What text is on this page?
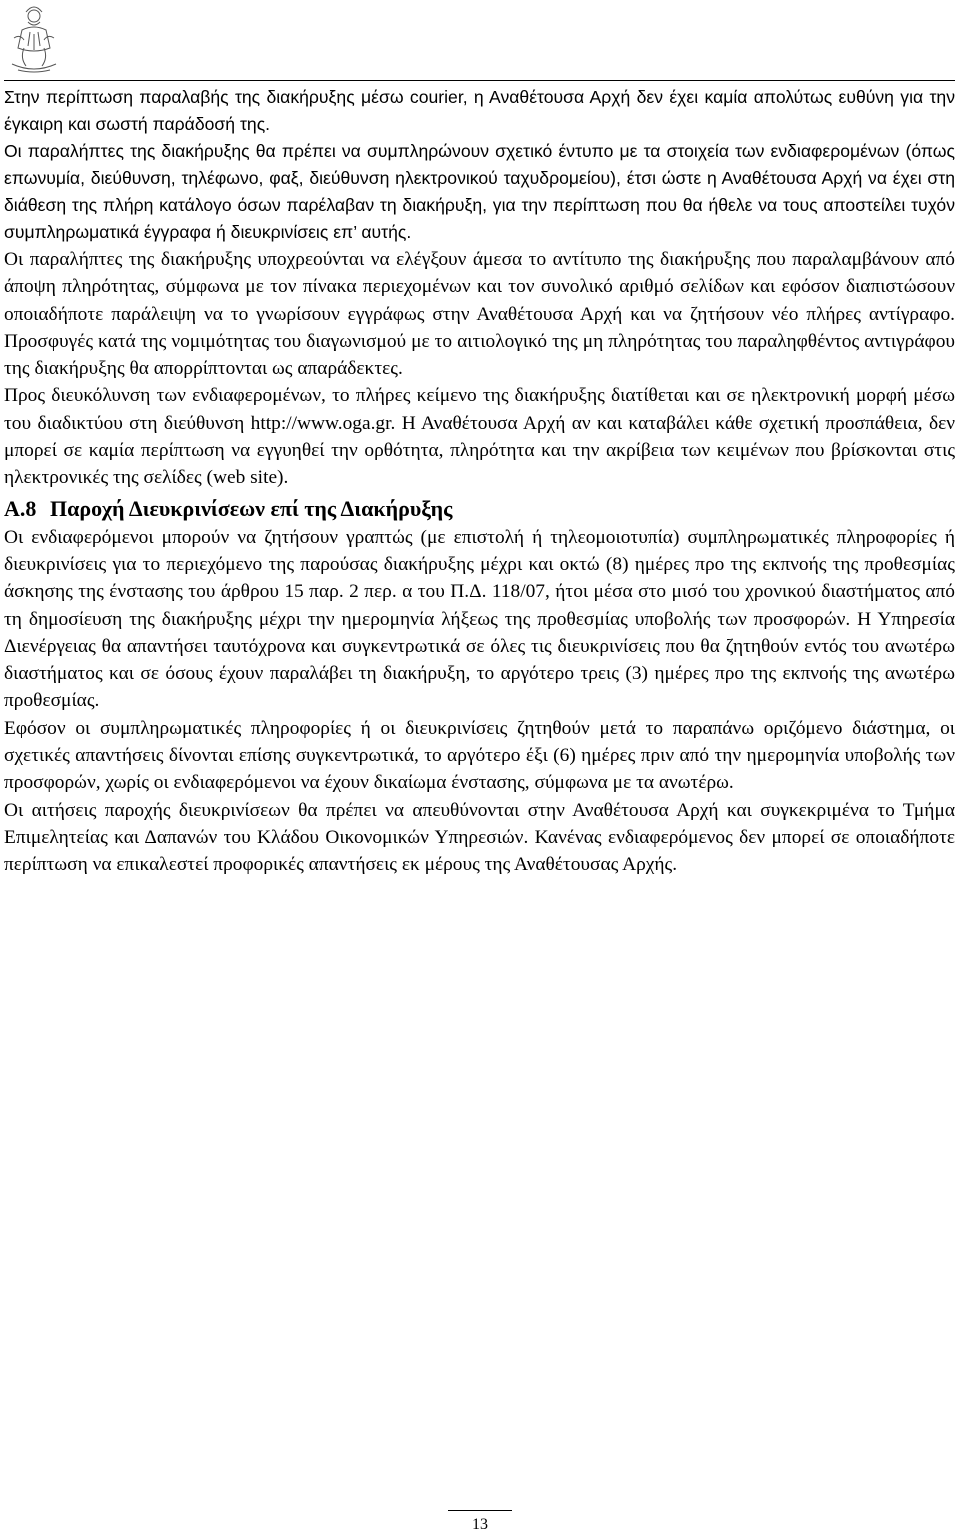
Στην περίπτωση παραλαβής της διακήρυξης μέσω courier, η Αναθέτουσα Αρχή δεν έχει καμία απολύτως ευθύνη για την έγκαιρη και σωστή παράδοσή της.

Οι παραλήπτες της διακήρυξης θα πρέπει να συμπληρώνουν σχετικό έντυπο με τα στοιχεία των ενδιαφερομένων (όπως επωνυμία, διεύθυνση, τηλέφωνο, φαξ, διεύθυνση ηλεκτρονικού ταχυδρομείου), έτσι ώστε η Αναθέτουσα Αρχή να έχει στη διάθεση της πλήρη κατάλογο όσων παρέλαβαν τη διακήρυξη, για την περίπτωση που θα ήθελε να τους αποστείλει τυχόν συμπληρωματικά έγγραφα ή διευκρινίσεις επ’ αυτής.

Οι παραλήπτες της διακήρυξης υποχρεούνται να ελέγξουν άμεσα το αντίτυπο της διακήρυξης που παραλαμβάνουν από άποψη πληρότητας, σύμφωνα με τον πίνακα περιεχομένων και τον συνολικό αριθμό σελίδων και εφόσον διαπιστώσουν οποιαδήποτε παράλειψη να το γνωρίσουν εγγράφως στην Αναθέτουσα Αρχή και να ζητήσουν νέο πλήρες αντίγραφο. Προσφυγές κατά της νομιμότητας του διαγωνισμού με το αιτιολογικό της μη πληρότητας του παραληφθέντος αντιγράφου της διακήρυξης θα απορρίπτονται ως απαράδεκτες.

Προς διευκόλυνση των ενδιαφερομένων, το πλήρες κείμενο της διακήρυξης διατίθεται και σε ηλεκτρονική μορφή μέσω του διαδικτύου στη διεύθυνση http://www.oga.gr. Η Αναθέτουσα Αρχή αν και καταβάλει κάθε σχετική προσπάθεια, δεν μπορεί σε καμία περίπτωση να εγγυηθεί την ορθότητα, πληρότητα και την ακρίβεια των κειμένων που βρίσκονται στις ηλεκτρονικές της σελίδες (web site).

A.8 Παροχή Διευκρινίσεων επί της Διακήρυξης

Οι ενδιαφερόμενοι μπορούν να ζητήσουν γραπτώς (με επιστολή ή τηλεομοιοτυπία) συμπληρωματικές πληροφορίες ή διευκρινίσεις για το περιεχόμενο της παρούσας διακήρυξης μέχρι και οκτώ (8) ημέρες προ της εκπνοής της προθεσμίας άσκησης της ένστασης του άρθρου 15 παρ. 2 περ. α του Π.Δ. 118/07, ήτοι μέσα στο μισό του χρονικού διαστήματος από τη δημοσίευση της διακήρυξης μέχρι την ημερομηνία λήξεως της προθεσμίας υποβολής των προσφορών. Η Υπηρεσία Διενέργειας θα απαντήσει ταυτόχρονα και συγκεντρωτικά σε όλες τις διευκρινίσεις που θα ζητηθούν εντός του ανωτέρω διαστήματος και σε όσους έχουν παραλάβει τη διακήρυξη, το αργότερο τρεις (3) ημέρες προ της εκπνοής της ανωτέρω προθεσμίας.

Εφόσον οι συμπληρωματικές πληροφορίες ή οι διευκρινίσεις ζητηθούν μετά το παραπάνω οριζόμενο διάστημα, οι σχετικές απαντήσεις δίνονται επίσης συγκεντρωτικά, το αργότερο έξι (6) ημέρες πριν από την ημερομηνία υποβολής των προσφορών, χωρίς οι ενδιαφερόμενοι να έχουν δικαίωμα ένστασης, σύμφωνα με τα ανωτέρω.

Οι αιτήσεις παροχής διευκρινίσεων θα πρέπει να απευθύνονται στην Αναθέτουσα Αρχή και συγκεκριμένα το Τμήμα Επιμελητείας και Δαπανών του Κλάδου Οικονομικών Υπηρεσιών. Κανένας ενδιαφερόμενος δεν μπορεί σε οποιαδήποτε περίπτωση να επικαλεστεί προφορικές απαντήσεις εκ μέρους της Αναθέτουσας Αρχής.

13
